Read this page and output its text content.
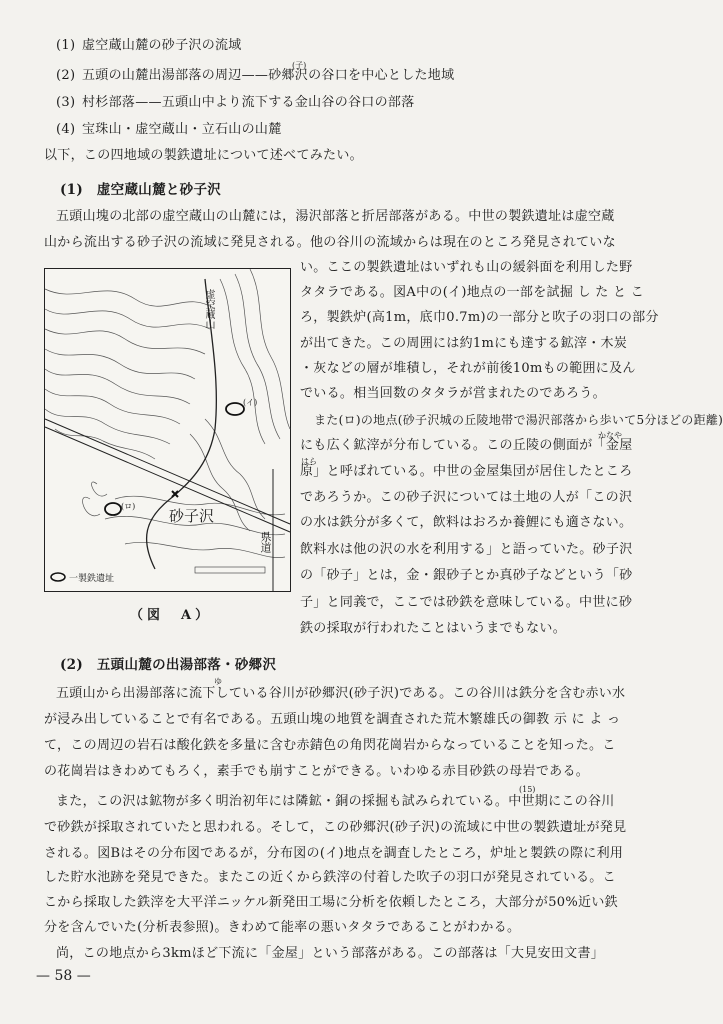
(1) 虚空蔵山麓の砂子沢の流域
(子)
(2) 五頭の山麓出湯部落の周辺——砂郷沢の谷口を中心とした地域
(3) 村杉部落——五頭山中より流下する金山谷の谷口の部落
(4) 宝珠山・虚空蔵山・立石山の山麓
以下，この四地域の製鉄遺址について述べてみたい。
(1)　虚空蔵山麓と砂子沢
五頭山塊の北部の虚空蔵山の山麓には，湯沢部落と折居部落がある。中世の製鉄遺址は虚空蔵
山から流出する砂子沢の流域に発見される。他の谷川の流域からは現在のところ発見されていな
い。ここの製鉄遺址はいずれも山の緩斜面を利用した野
タタラである。図A中の(イ)地点の一部を試掘 し た と こ
ろ，製鉄炉(高1m，底巾0.7m)の一部分と吹子の羽口の部分
が出てきた。この周囲には約1mにも達する鉱滓・木炭
・灰などの層が堆積し，それが前後10mもの範囲に及ん
でいる。相当回数のタタラが営まれたのであろう。
また(ロ)の地点(砂子沢城の丘陵地帯で湯沢部落から歩いて5分ほどの距離)
かなや
にも広く鉱滓が分布している。この丘陵の側面が「金屋
はら
原」と呼ばれている。中世の金屋集団が居住したところ
であろうか。この砂子沢については土地の人が「この沢
の水は鉄分が多くて，飲料はおろか養鯉にも適さない。
飲料水は他の沢の水を利用する」と語っていた。砂子沢
の「砂子」とは，金・銀砂子とか真砂子などという「砂
子」と同義で，ここでは砂鉄を意味している。中世に砂
鉄の採取が行われたことはいうまでもない。
虚空蔵山
砂子沢
県道
(イ)
(ロ)
一製鉄遺址
（図　A）
(2)　五頭山麓の出湯部落・砂郷沢
ゆ
五頭山から出湯部落に流下している谷川が砂郷沢(砂子沢)である。この谷川は鉄分を含む赤い水
が浸み出していることで有名である。五頭山塊の地質を調査された荒木繁雄氏の御教 示 に よ っ
て，この周辺の岩石は酸化鉄を多量に含む赤錆色の角閃花崗岩からなっていることを知った。こ
の花崗岩はきわめてもろく，素手でも崩すことができる。いわゆる赤目砂鉄の母岩である。
(15)
また，この沢は鉱物が多く明治初年には隣鉱・銅の採掘も試みられている。中世期にこの谷川
で砂鉄が採取されていたと思われる。そして，この砂郷沢(砂子沢)の流域に中世の製鉄遺址が発見
される。図Bはその分布図であるが，分布図の(イ)地点を調査したところ，炉址と製鉄の際に利用
した貯水池跡を発見できた。またこの近くから鉄滓の付着した吹子の羽口が発見されている。こ
こから採取した鉄滓を大平洋ニッケル新発田工場に分析を依頼したところ，大部分が50%近い鉄
分を含んでいた(分析表参照)。きわめて能率の悪いタタラであることがわかる。
尚，この地点から3kmほど下流に「金屋」という部落がある。この部落は「大見安田文書」
— 58 —
